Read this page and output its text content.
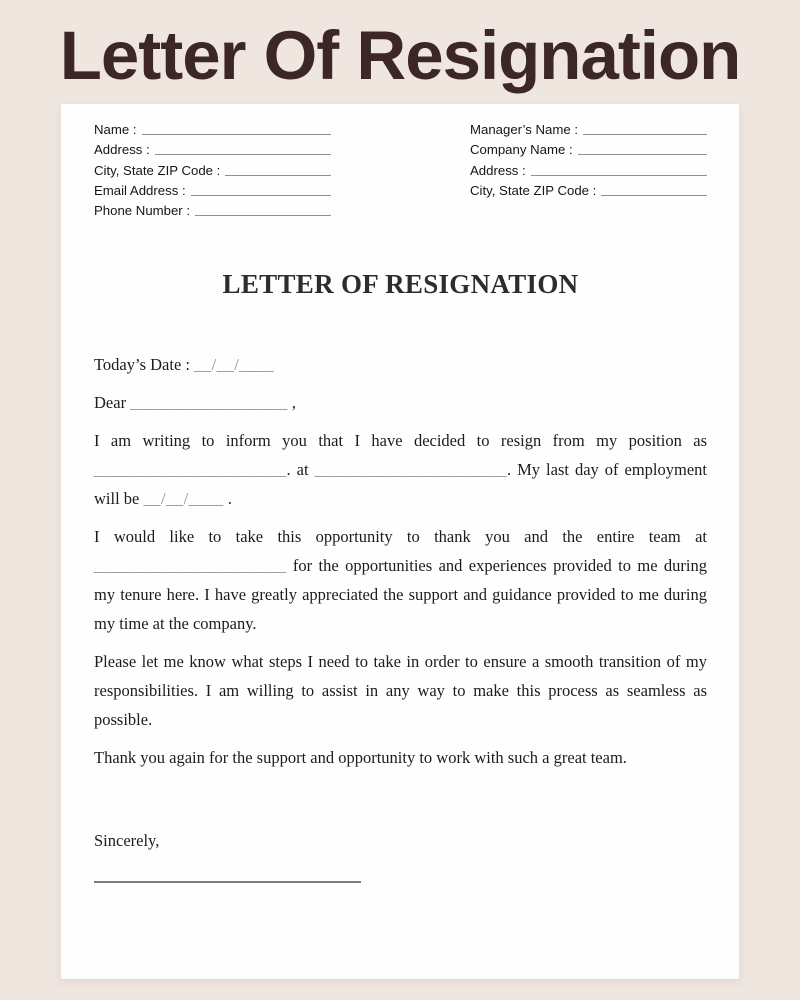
Letter Of Resignation
Name :
Address :
City, State ZIP Code :
Email Address :
Phone Number :
Manager’s Name :
Company Name :
Address :
City, State ZIP Code :
LETTER OF RESIGNATION

Today’s Date : __/__/____

Dear __________________ ,

I am writing to inform you that I have decided to resign from my position as ______________________. at ______________________. My last day of employment will be __/__/____ .

I would like to take this opportunity to thank you and the entire team at ______________________ for the opportunities and experiences provided to me during my tenure here. I have greatly appreciated the support and guidance provided to me during my time at the company.

Please let me know what steps I need to take in order to ensure a smooth transition of my responsibilities. I am willing to assist in any way to make this process as seamless as possible.

Thank you again for the support and opportunity to work with such a great team.

Sincerely,
